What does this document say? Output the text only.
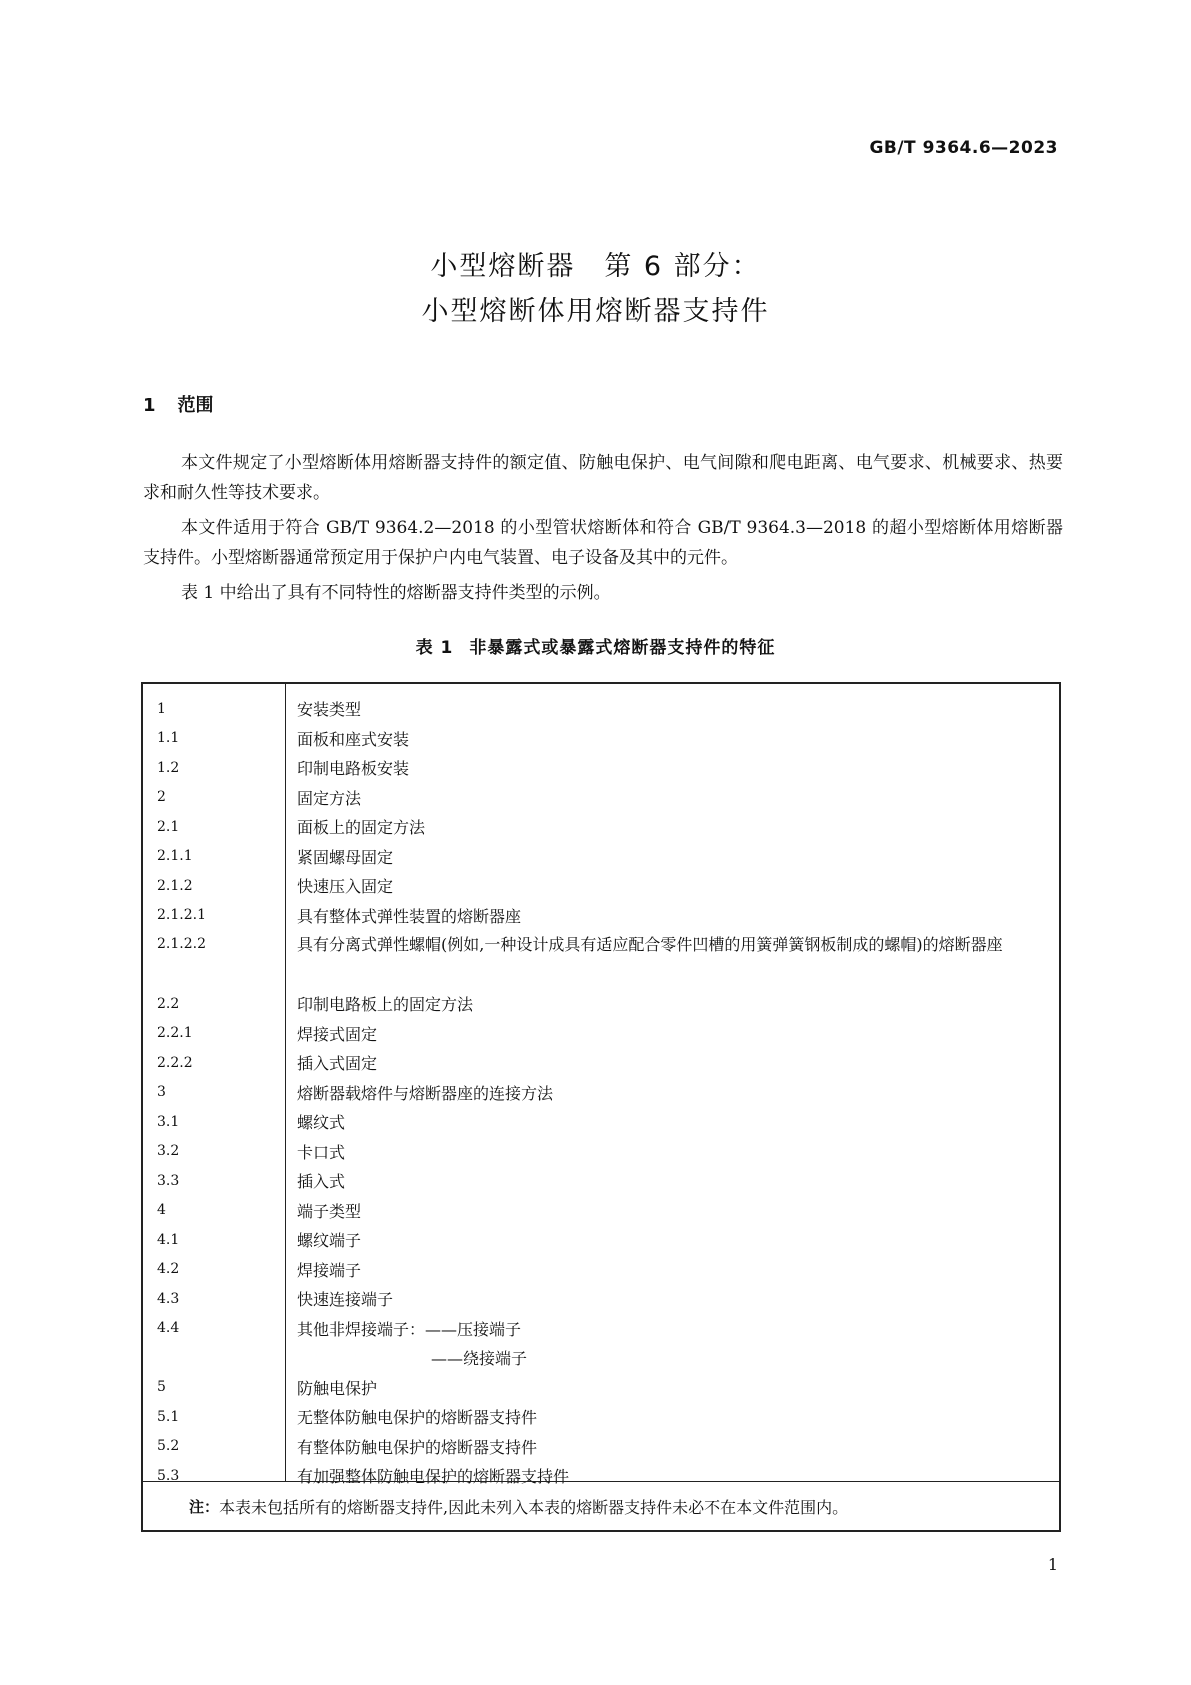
GB/T 9364.6—2023
小型熔断器　第 6 部分：
小型熔断体用熔断器支持件
1 范围
本文件规定了小型熔断体用熔断器支持件的额定值、防触电保护、电气间隙和爬电距离、电气要求、机械要求、热要求和耐久性等技术要求。
本文件适用于符合 GB/T 9364.2—2018 的小型管状熔断体和符合 GB/T 9364.3—2018 的超小型熔断体用熔断器支持件。小型熔断器通常预定用于保护户内电气装置、电子设备及其中的元件。
表 1 中给出了具有不同特性的熔断器支持件类型的示例。
表 1 非暴露式或暴露式熔断器支持件的特征
1	安装类型
1.1	面板和座式安装
1.2	印制电路板安装
2	固定方法
2.1	面板上的固定方法
2.1.1	紧固螺母固定
2.1.2	快速压入固定
2.1.2.1	具有整体式弹性装置的熔断器座
2.1.2.2	具有分离式弹性螺帽(例如,一种设计成具有适应配合零件凹槽的用簧弹簧钢板制成的螺帽)的熔断器座
2.2	印制电路板上的固定方法
2.2.1	焊接式固定
2.2.2	插入式固定
3	熔断器载熔件与熔断器座的连接方法
3.1	螺纹式
3.2	卡口式
3.3	插入式
4	端子类型
4.1	螺纹端子
4.2	焊接端子
4.3	快速连接端子
4.4	其他非焊接端子：——压接端子
——绕接端子
5	防触电保护
5.1	无整体防触电保护的熔断器支持件
5.2	有整体防触电保护的熔断器支持件
5.3	有加强整体防触电保护的熔断器支持件
注： 本表未包括所有的熔断器支持件,因此未列入本表的熔断器支持件未必不在本文件范围内。
1
